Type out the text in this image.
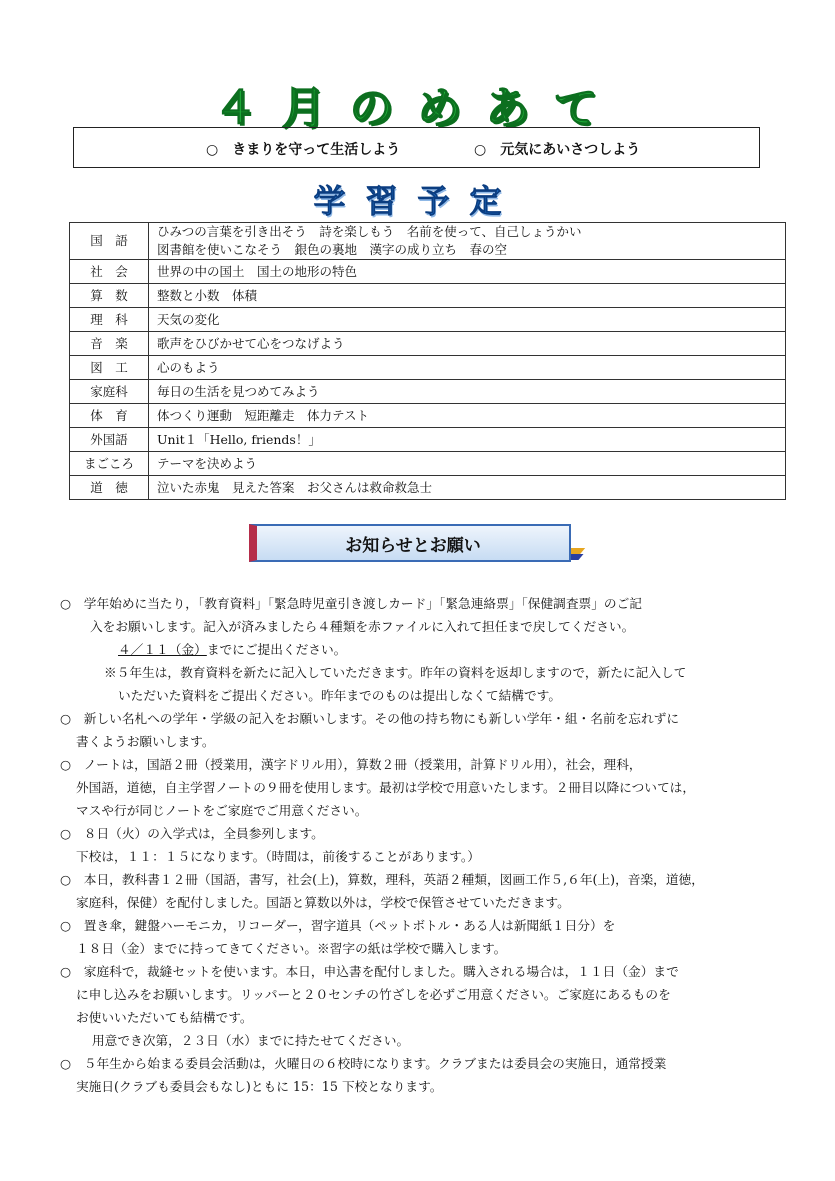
４月のめあて
○　きまりを守って生活しよう	○　元気にあいさつしよう
学習予定
国　語	ひみつの言葉を引き出そう　詩を楽しもう　名前を使って、自己しょうかい
図書館を使いこなそう　銀色の裏地　漢字の成り立ち　春の空

社　会	世界の中の国土　国土の地形の特色
算　数	整数と小数　体積
理　科	天気の変化
音　楽	歌声をひびかせて心をつなげよう
図　工	心のもよう
家庭科	毎日の生活を見つめてみよう
体　育	体つくり運動　短距離走　体力テスト
外国語	Unit１「Hello, friends！」
まごころ	テーマを決めよう
道　徳	泣いた赤鬼　見えた答案　お父さんは救命救急士
お知らせとお願い
○　学年始めに当たり，「教育資料」「緊急時児童引き渡しカード」「緊急連絡票」「保健調査票」のご記
入をお願いします。記入が済みましたら４種類を赤ファイルに入れて担任まで戻してください。
４／１１（金）までにご提出ください。
※５年生は，教育資料を新たに記入していただきます。昨年の資料を返却しますので，新たに記入して
いただいた資料をご提出ください。昨年までのものは提出しなくて結構です。
○　新しい名札への学年・学級の記入をお願いします。その他の持ち物にも新しい学年・組・名前を忘れずに
書くようお願いします。
○　ノートは，国語２冊（授業用，漢字ドリル用），算数２冊（授業用，計算ドリル用），社会，理科，
外国語，道徳，自主学習ノートの９冊を使用します。最初は学校で用意いたします。２冊目以降については，
マスや行が同じノートをご家庭でご用意ください。
○　８日（火）の入学式は，全員参列します。
下校は，１１：１５になります。（時間は，前後することがあります。）
○　本日，教科書１２冊（国語，書写，社会(上)，算数，理科，英語２種類，図画工作５,６年(上)，音楽，道徳，
家庭科，保健）を配付しました。国語と算数以外は，学校で保管させていただきます。
○　置き傘，鍵盤ハーモニカ，リコーダー，習字道具（ペットボトル・ある人は新聞紙１日分）を
１８日（金）までに持ってきてください。※習字の紙は学校で購入します。
○　家庭科で，裁縫セットを使います。本日，申込書を配付しました。購入される場合は，１１日（金）まで
に申し込みをお願いします。リッパーと２０センチの竹ざしを必ずご用意ください。ご家庭にあるものを
お使いいただいても結構です。
用意でき次第，２３日（水）までに持たせてください。
○　５年生から始まる委員会活動は，火曜日の６校時になります。クラブまたは委員会の実施日，通常授業
実施日(クラブも委員会もなし)ともに 15：15 下校となります。
